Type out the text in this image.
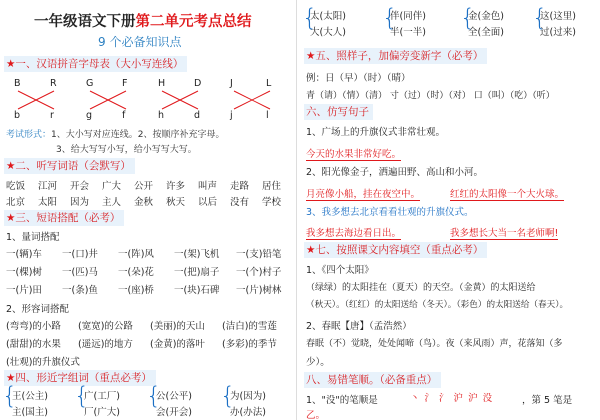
一年级语文下册第二单元考点总结
9 个必备知识点
★一、汉语拼音字母表（大小写连线）
B	R	G	F	H	D	J	L
b	r	g	f	h	d	j	l
考试形式：1、大小写对应连线。2、按顺序补充字母。
3、给大写写小写，给小写写大写。
★二、听写词语（会默写）
吃饭 江河 开会 广大 公开 许多 叫声 走路 居住
北京 太阳 因为 主人 金秋 秋天 以后 没有 学校
★三、短语搭配（必考）
1、量词搭配
一(辆)车 一(口)井 一(阵)风 一(架)飞机 一(支)铅笔
一(棵)树 一(匹)马 一(朵)花 一(把)扇子 一(个)村子
一(片)田 一(条)鱼 一(座)桥 一(块)石碑 一(片)树林
2、形容词搭配
(弯弯)的小路 (宽宽)的公路 (美丽)的天山 (洁白)的雪莲
(甜甜)的水果 (遥远)的地方 (金黄)的落叶 (多彩)的季节
(壮观)的升旗仪式
★四、形近字组词（重点必考）
{ { { {
王(公主)	广(工厂)	公(公平)	为(因为)
主(国主)	厂(广大)	会(开会)	办(办法)
{	{	{ {
太(太阳)	伴(同伴)	金(金色)	这(这里)
大(大人)	半(一半)	全(全面)	过(过来)
★五、照样子，加偏旁变新字（必考）
例：日（早）（时）（晴）
青（请）（情）（清） 寸（过）（时）（对） 口（叫）（吃）（听）
六、仿写句子
1、广场上的升旗仪式非常壮观。
今天的水果非常好吃。
2、阳光像金子，洒遍田野、高山和小河。
月亮像小船，挂在夜空中。	红红的太阳像一个大火球。
3、我多想去北京看看壮观的升旗仪式。
我多想去海边看日出。	我多想长大当一名老师啊!
★七、按照课文内容填空（重点必考）
1、《四个太阳》
（绿绿）的太阳挂在（夏天）的天空。（金黄）的太阳送给
（秋天）。（红红）的太阳送给（冬天）。（彩色）的太阳送给（春天）。
2、春眠【唐】（孟浩然）
春眠（不）觉晓，处处闻啼（鸟）。夜（来风雨）声，花落知（多
少）。
八、易错笔顺。（必备重点）
1、"没"的笔顺是	丶 氵 氵 沪 沪 没	，第 5 笔是
乙。
